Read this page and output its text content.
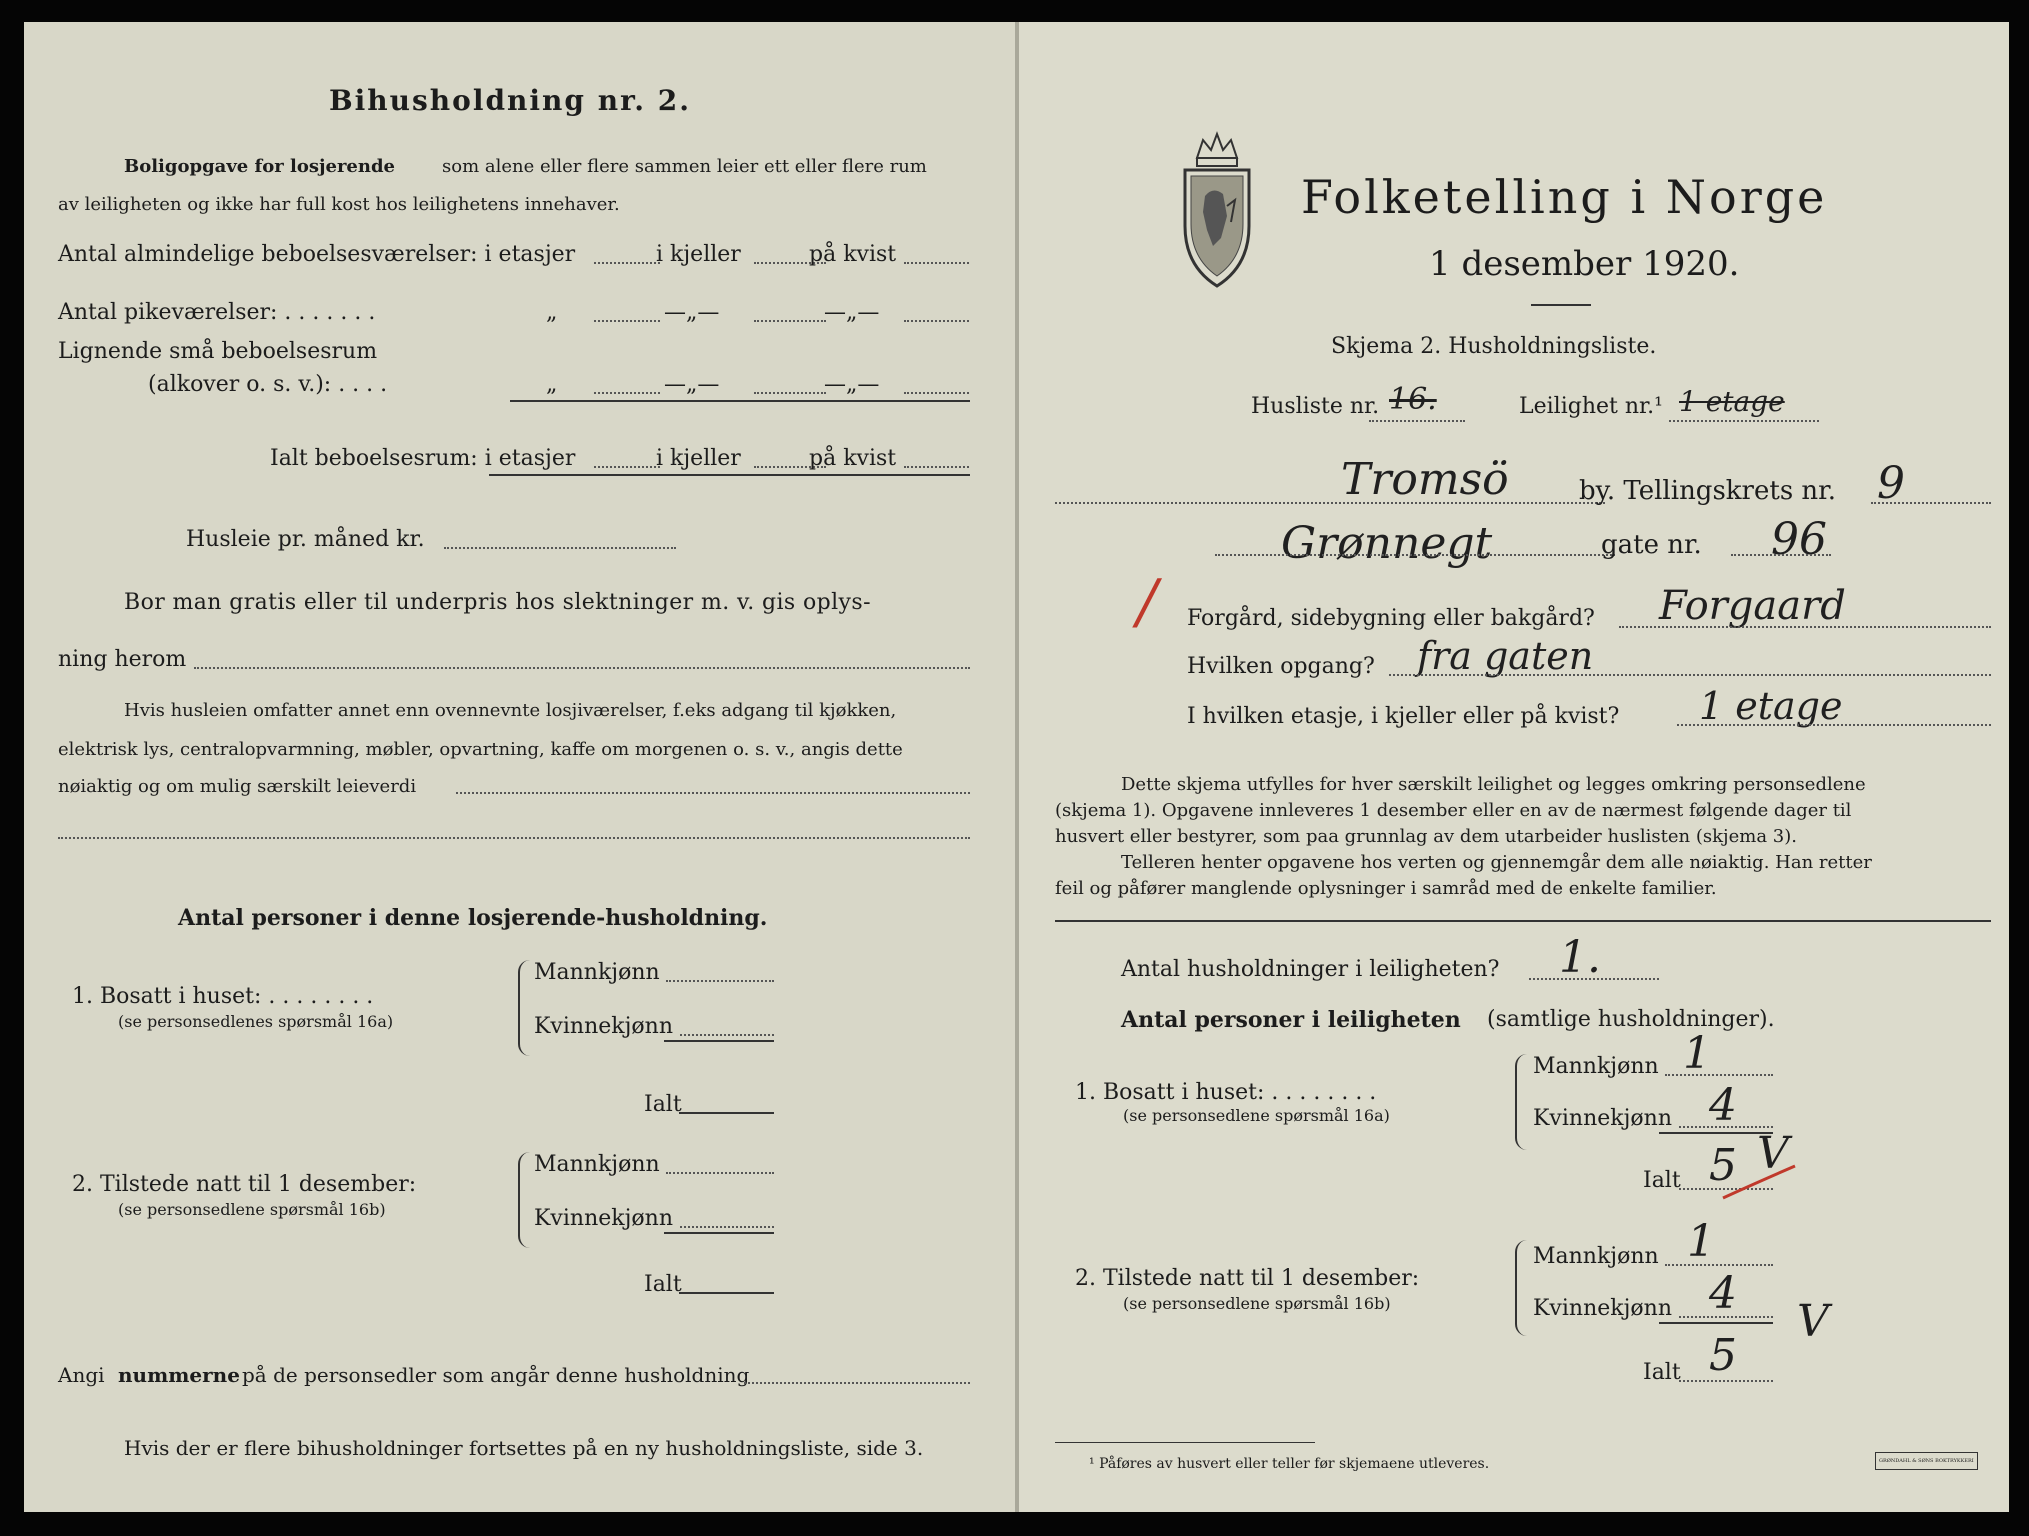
Bihusholdning nr. 2.
Boligopgave for losjerende	som alene eller flere sammen leier ett eller flere rum
av leiligheten og ikke har full kost hos leilighetens innehaver.
Antal almindelige beboelsesværelser: i etasjer	i kjeller	på kvist
Antal pikeværelser: . . . . . . .	„	—„—	—„—
Lignende små beboelsesrum
(alkover o. s. v.): . . . .	„	—„—	—„—
Ialt beboelsesrum: i etasjer	i kjeller	på kvist
Husleie pr. måned kr.
Bor man gratis eller til underpris hos slektninger m. v. gis oplys-
ning herom
Hvis husleien omfatter annet enn ovennevnte losjiværelser, f.eks adgang til kjøkken,
elektrisk lys, centralopvarmning, møbler, opvartning, kaffe om morgenen o. s. v., angis dette
nøiaktig og om mulig særskilt leieverdi
Antal personer i denne losjerende-husholdning.
1. Bosatt i huset: . . . . . . . .
(se personsedlenes spørsmål 16a)
Mannkjønn
Kvinnekjønn
Ialt
2. Tilstede natt til 1 desember:
(se personsedlene spørsmål 16b)
Mannkjønn
Kvinnekjønn
Ialt
Angi nummerne på de personsedler som angår denne husholdning
Hvis der er flere bihusholdninger fortsettes på en ny husholdningsliste, side 3.
Folketelling i Norge
1 desember 1920.
Skjema 2. Husholdningsliste.
Husliste nr. 16.	Leilighet nr.¹ 1 etage
Tromsö	by. Tellingskrets nr. 9
Grønnegt	gate nr. 96
/ Forgård, sidebygning eller bakgård? Forgaard
Hvilken opgang? fra gaten
I hvilken etasje, i kjeller eller på kvist? 1 etage
Dette skjema utfylles for hver særskilt leilighet og legges omkring personsedlene
(skjema 1). Opgavene innleveres 1 desember eller en av de nærmest følgende dager til
husvert eller bestyrer, som paa grunnlag av dem utarbeider huslisten (skjema 3).
Telleren henter opgavene hos verten og gjennemgår dem alle nøiaktig. Han retter
feil og påfører manglende oplysninger i samråd med de enkelte familier.
Antal husholdninger i leiligheten? 1.
Antal personer i leiligheten (samtlige husholdninger).
1. Bosatt i huset: . . . . . . . .
(se personsedlene spørsmål 16a)
Mannkjønn 1
Kvinnekjønn 4
Ialt 5 V
2. Tilstede natt til 1 desember:
(se personsedlene spørsmål 16b)
Mannkjønn 1
Kvinnekjønn 4
Ialt 5
V
¹ Påføres av husvert eller teller før skjemaene utleveres.	GRØNDAHL & SØNS BOKTRYKKERI
